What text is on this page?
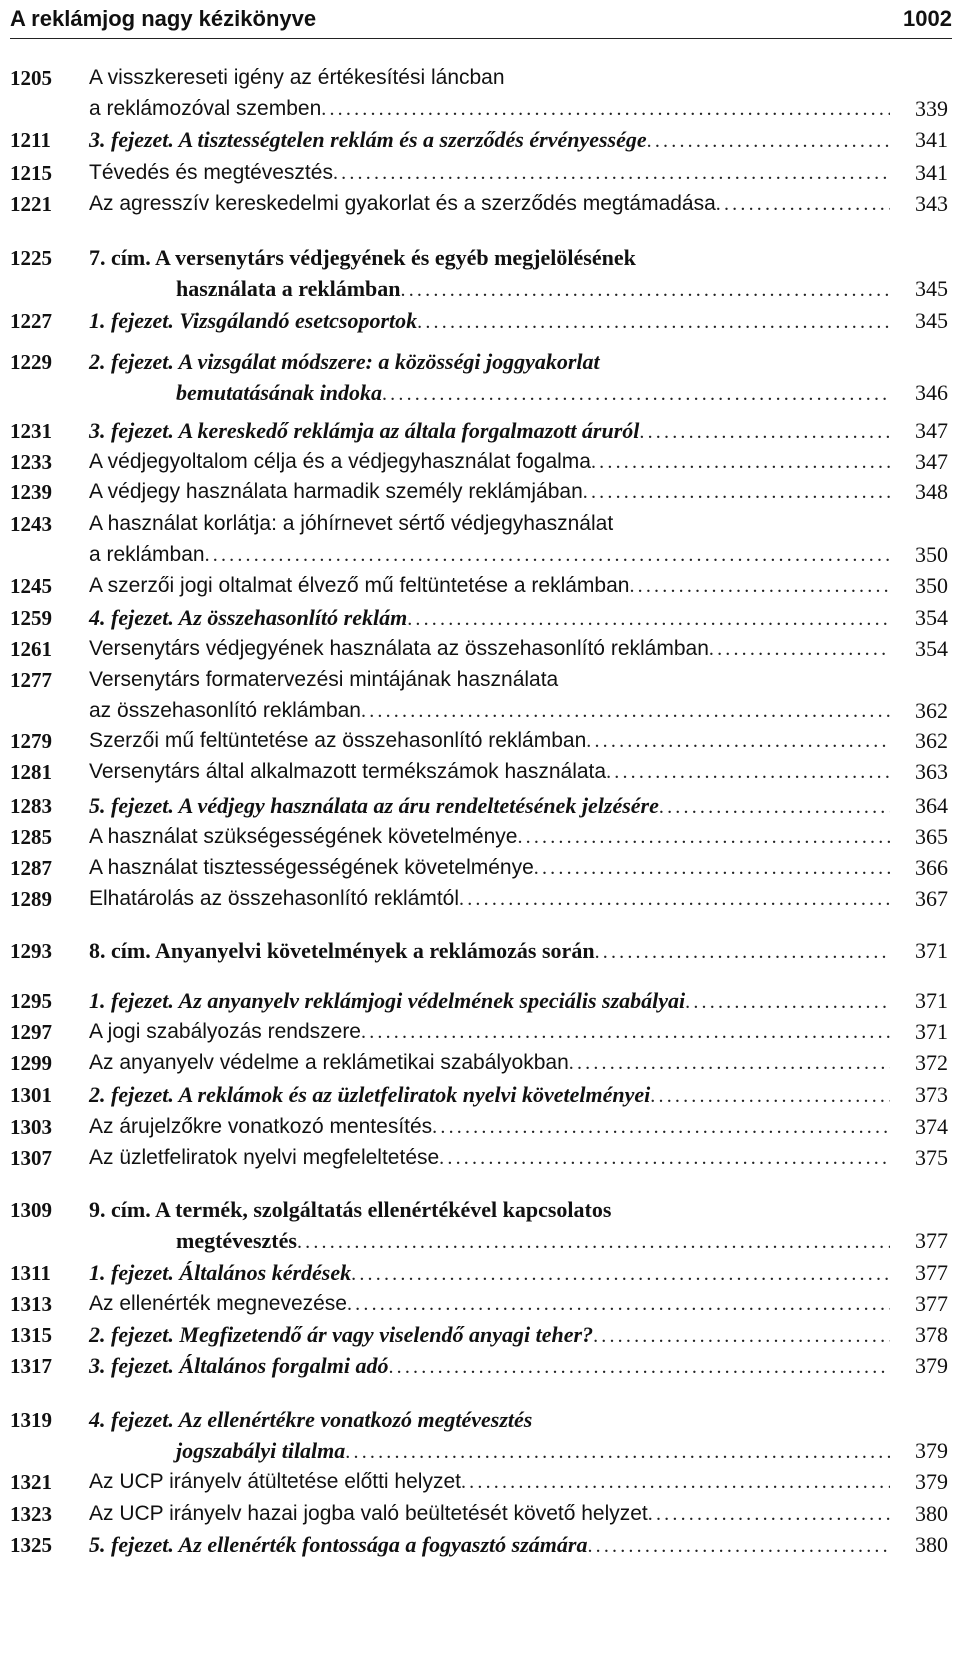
A reklámjog nagy kézikönyve	1002
1205	A visszkereseti igény az értékesítési láncban
a reklámozóval szemben .....	339
1211	3. fejezet. A tisztességtelen reklám és a szerződés érvényessége .....	341
1215	Tévedés és megtévesztés .....	341
1221	Az agresszív kereskedelmi gyakorlat és a szerződés megtámadása .....	343
1225	7. cím. A versenytárs védjegyének és egyéb megjelölésének
használata a reklámban .....	345
1227	1. fejezet. Vizsgálandó esetcsoportok .....	345
1229	2. fejezet. A vizsgálat módszere: a közösségi joggyakorlat
bemutatásának indoka .....	346
1231	3. fejezet. A kereskedő reklámja az általa forgalmazott áruról .....	347
1233	A védjegyoltalom célja és a védjegyhasználat fogalma .....	347
1239	A védjegy használata harmadik személy reklámjában .....	348
1243	A használat korlátja: a jóhírnevet sértő védjegyhasználat
a reklámban .....	350
1245	A szerzői jogi oltalmat élvező mű feltüntetése a reklámban .....	350
1259	4. fejezet. Az összehasonlító reklám .....	354
1261	Versenytárs védjegyének használata az összehasonlító reklámban .....	354
1277	Versenytárs formatervezési mintájának használata
az összehasonlító reklámban .....	362
1279	Szerzői mű feltüntetése az összehasonlító reklámban .....	362
1281	Versenytárs által alkalmazott termékszámok használata .....	363
1283	5. fejezet. A védjegy használata az áru rendeltetésének jelzésére .....	364
1285	A használat szükségességének követelménye .....	365
1287	A használat tisztességességének követelménye .....	366
1289	Elhatárolás az összehasonlító reklámtól .....	367
1293	8. cím. Anyanyelvi követelmények a reklámozás során .....	371
1295	1. fejezet. Az anyanyelv reklámjogi védelmének speciális szabályai .....	371
1297	A jogi szabályozás rendszere .....	371
1299	Az anyanyelv védelme a reklámetikai szabályokban .....	372
1301	2. fejezet. A reklámok és az üzletfeliratok nyelvi követelményei .....	373
1303	Az árujelzőkre vonatkozó mentesítés .....	374
1307	Az üzletfeliratok nyelvi megfeleltetése .....	375
1309	9. cím. A termék, szolgáltatás ellenértékével kapcsolatos
megtévesztés .....	377
1311	1. fejezet. Általános kérdések .....	377
1313	Az ellenérték megnevezése .....	377
1315	2. fejezet. Megfizetendő ár vagy viselendő anyagi teher? .....	378
1317	3. fejezet. Általános forgalmi adó .....	379
1319	4. fejezet. Az ellenértékre vonatkozó megtévesztés
jogszabályi tilalma .....	379
1321	Az UCP irányelv átültetése előtti helyzet .....	379
1323	Az UCP irányelv hazai jogba való beültetését követő helyzet .....	380
1325	5. fejezet. Az ellenérték fontossága a fogyasztó számára .....	380
